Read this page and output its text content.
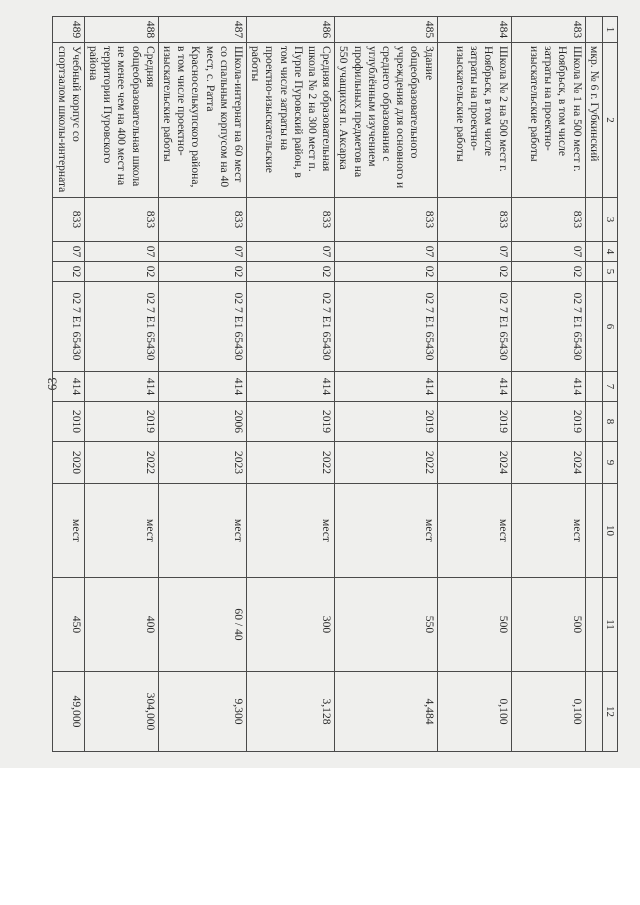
63
1	2	3	4	5	6	7	8	9	10	11	12
	мкр. № 6 г. Губкинский										
483	Школа № 1 на 500 мест г. Ноябрьск, в том числе затраты на проектно-изыскательские работы	833	07	02	02 7 E1 65430	414	2019	2024	мест	500	0,100
484	Школа № 2 на 500 мест г. Ноябрьск, в том числе затраты на проектно-изыскательские работы	833	07	02	02 7 E1 65430	414	2019	2024	мест	500	0,100
485	Здание общеобразовательного учреждения для основного и среднего образования с углублённым изучением профильных предметов на 550 учащихся п. Аксарка	833	07	02	02 7 E1 65430	414	2019	2022	мест	550	4,484
486	Средняя образовательная школа № 2 на 300 мест п. Пурпе Пуровский район, в том числе затраты на проектно-изыскательские работы	833	07	02	02 7 E1 65430	414	2019	2022	мест	300	3,128
487	Школа-интернат на 60 мест со спальным корпусом на 40 мест, с. Ратта Красноселькупского района, в том числе проектно-изыскательские работы	833	07	02	02 7 E1 65430	414	2006	2023	мест	60 / 40	9,300
488	Средняя общеобразовательная школа не менее чем на 400 мест на территории Пуровского района	833	07	02	02 7 E1 65430	414	2019	2022	мест	400	304,000
489	Учебный корпус со спортзалом школы-интерната	833	07	02	02 7 E1 65430	414	2010	2020	мест	450	49,000
